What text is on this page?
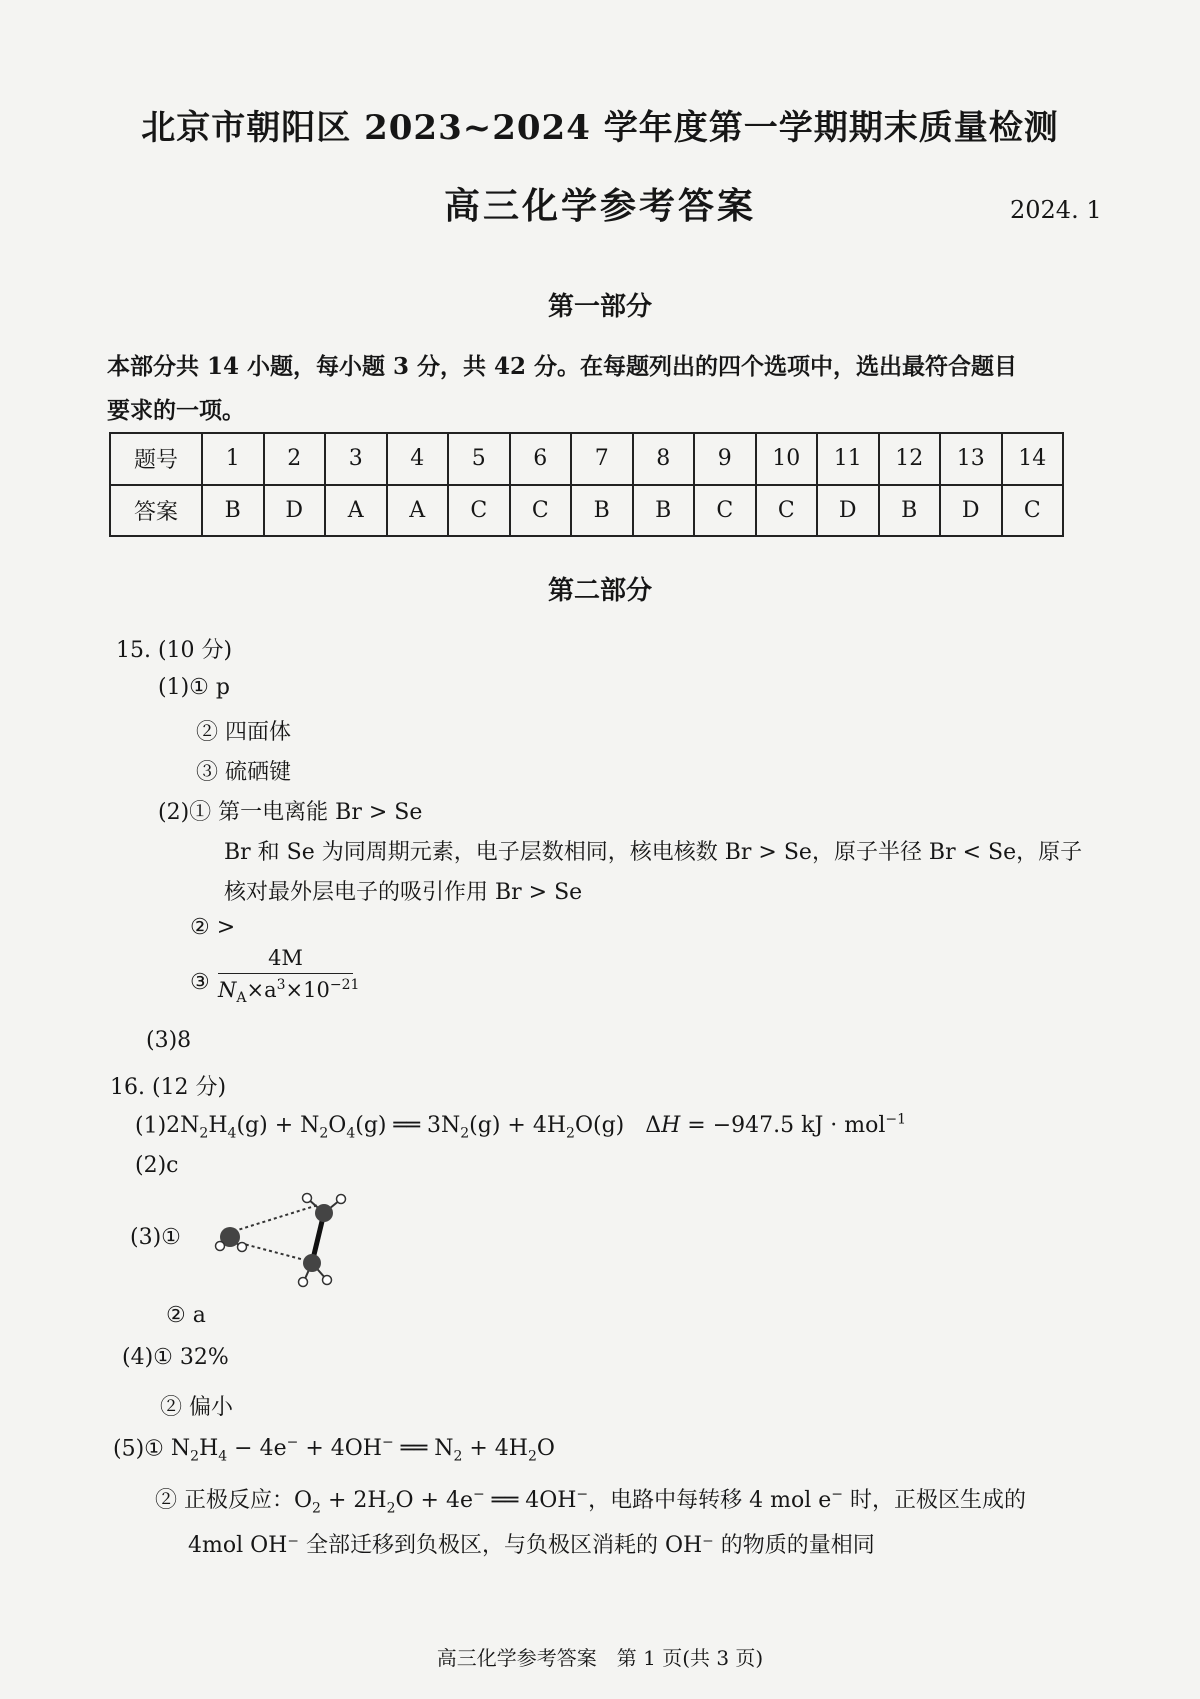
北京市朝阳区 2023~2024 学年度第一学期期末质量检测
高三化学参考答案	2024. 1
第一部分
本部分共 14 小题，每小题 3 分，共 42 分。在每题列出的四个选项中，选出最符合题目
要求的一项。
题号	1	2	3	4	5	6	7	8	9	10	11	12	13	14
答案	B	D	A	A	C	C	B	B	C	C	D	B	D	C
第二部分
15. (10 分)
(1)① p
② 四面体
③ 硫硒键
(2)① 第一电离能 Br > Se
Br 和 Se 为同周期元素，电子层数相同，核电核数 Br > Se，原子半径 Br < Se，原子
核对最外层电子的吸引作用 Br > Se
② >
③
4M
$N_A\times a^3\times 10^{-21}$
(3)8
16. (12 分)
$(1)2N_2H_4(g) + N_2O_4(g)$ ══ $3N_2(g) + 4H_2O(g) \Delta H = -947.5$ kJ · mol$^{-1}$
(2)c
(3)①
② a
(4)① 32%
② 偏小
(5)① $N_2H_4 - 4e^- + 4OH^-$ ══ $N_2 + 4H_2O$
② 正极反应：$O_2 + 2H_2O + 4e^-$ ══ 4OH−，电路中每转移 4 mol e− 时，正极区生成的
4mol OH⁻ 全部迁移到负极区，与负极区消耗的 OH⁻ 的物质的量相同
高三化学参考答案　第 1 页(共 3 页)
